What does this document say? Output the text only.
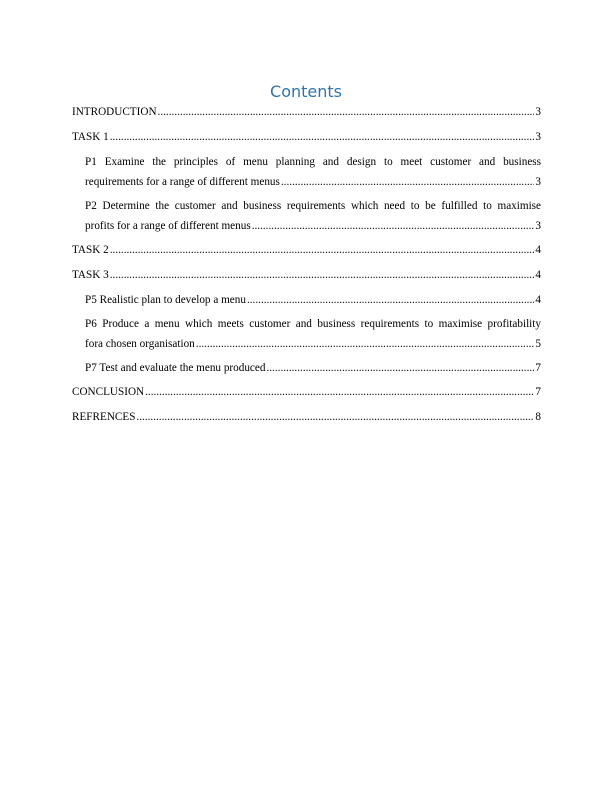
Contents
INTRODUCTION .....	3
TASK 1 .....	3
P1 Examine the principles of menu planning and design to meet customer and business
requirements for a range of different menus .....	3
P2 Determine the customer and business requirements which need to be fulfilled to maximise
profits for a range of different menus .....	3
TASK 2 .....	4
TASK 3 .....	4
P5 Realistic plan to develop a menu .....	4
P6 Produce a menu which meets customer and business requirements to maximise profitability
fora chosen organisation .....	5
P7 Test and evaluate the menu produced .....	7
CONCLUSION .....	7
REFRENCES .....	8
